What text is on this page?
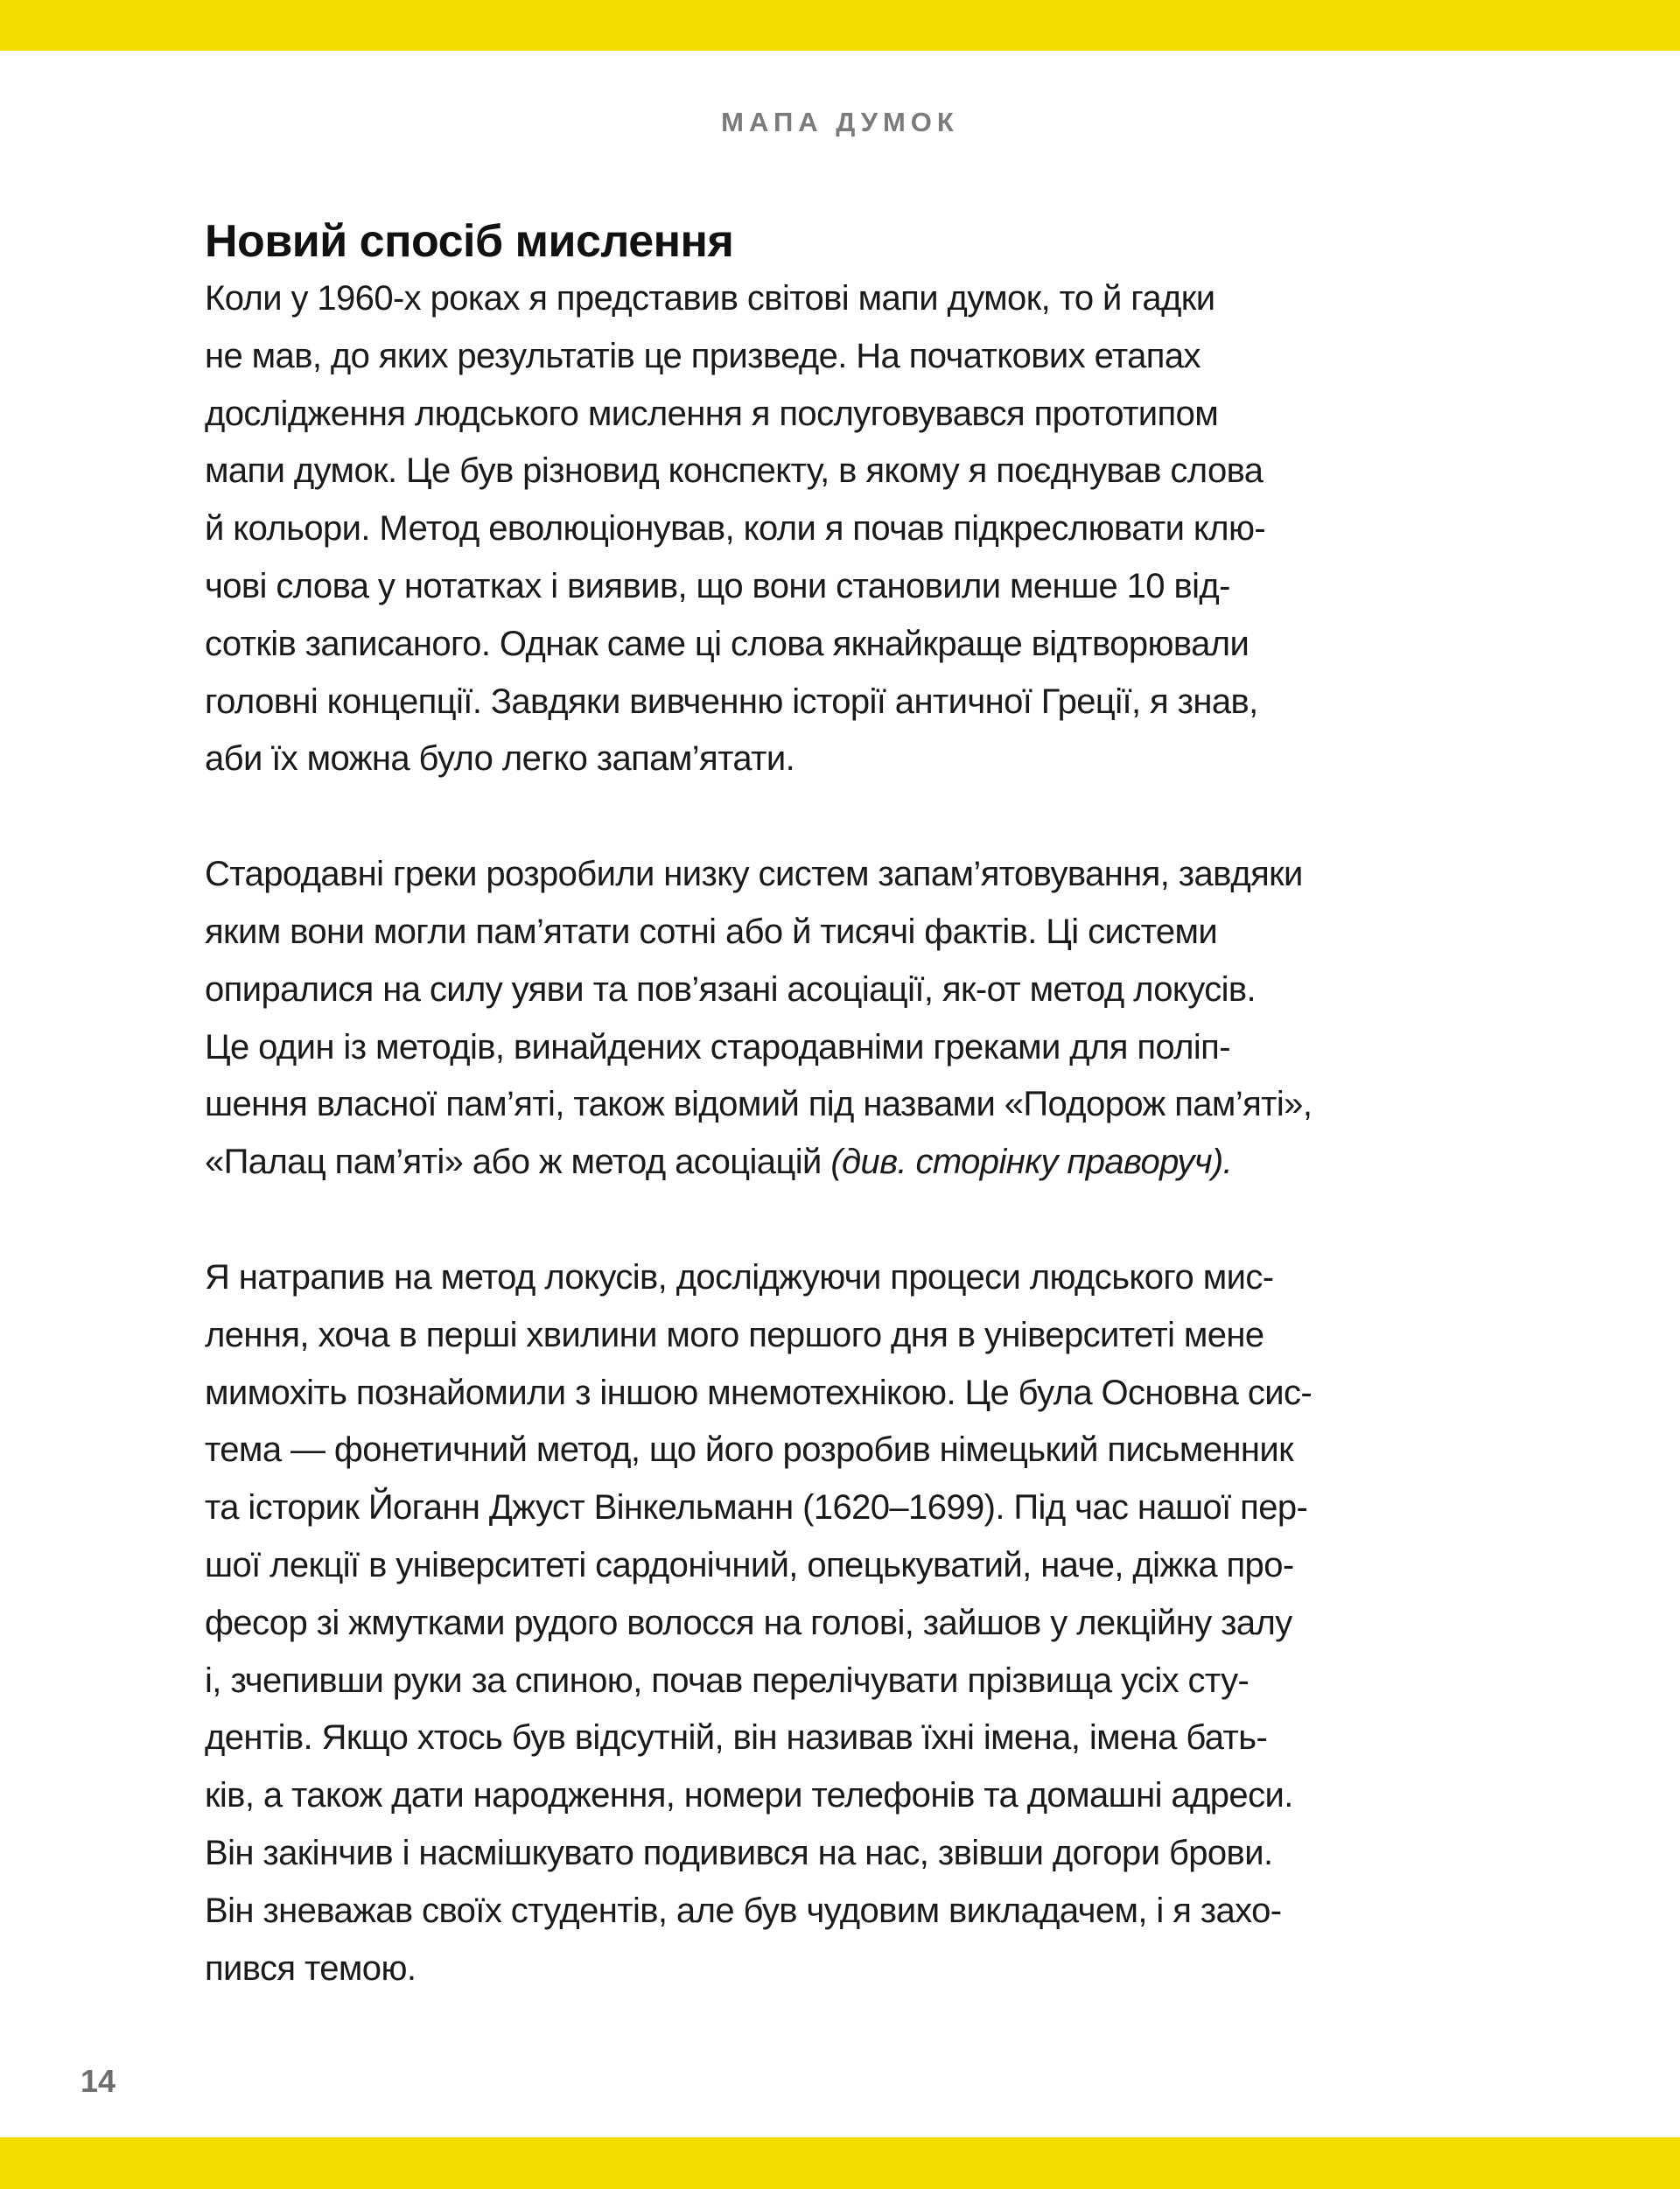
МАПА ДУМОК
Новий спосіб мислення
Коли у 1960-х роках я представив світові мапи думок, то й гадки
не мав, до яких результатів це призведе. На початкових етапах
дослідження людського мислення я послуговувався прототипом
мапи думок. Це був різновид конспекту, в якому я поєднував слова
й кольори. Метод еволюціонував, коли я почав підкреслювати клю-
чові слова у нотатках і виявив, що вони становили менше 10 від-
сотків записаного. Однак саме ці слова якнайкраще відтворювали
головні концепції. Завдяки вивченню історії античної Греції, я знав,
аби їх можна було легко запам’ятати.
Стародавні греки розробили низку систем запам’ятовування, завдяки
яким вони могли пам’ятати сотні або й тисячі фактів. Ці системи
опиралися на силу уяви та пов’язані асоціації, як-от метод локусів.
Це один із методів, винайдених стародавніми греками для поліп-
шення власної пам’яті, також відомий під назвами «Подорож пам’яті»,
«Палац пам’яті» або ж метод асоціацій (див. сторінку праворуч).
Я натрапив на метод локусів, досліджуючи процеси людського мис-
лення, хоча в перші хвилини мого першого дня в університеті мене
мимохіть познайомили з іншою мнемотехнікою. Це була Основна сис-
тема — фонетичний метод, що його розробив німецький письменник
та історик Йоганн Джуст Вінкельманн (1620–1699). Під час нашої пер-
шої лекції в університеті сардонічний, опецькуватий, наче, діжка про-
фесор зі жмутками рудого волосся на голові, зайшов у лекційну залу
і, зчепивши руки за спиною, почав перелічувати прізвища усіх сту-
дентів. Якщо хтось був відсутній, він називав їхні імена, імена бать-
ків, а також дати народження, номери телефонів та домашні адреси.
Він закінчив і насмішкувато подивився на нас, звівши догори брови.
Він зневажав своїх студентів, але був чудовим викладачем, і я захо-
пився темою.
14
